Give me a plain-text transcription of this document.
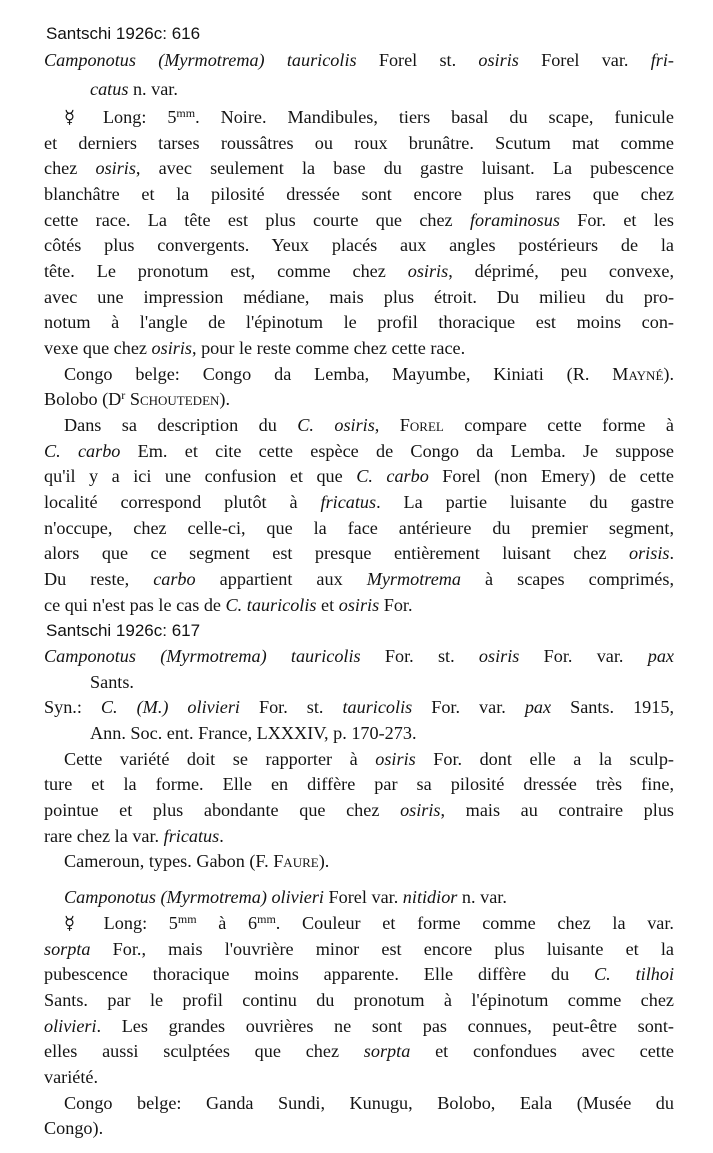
Santschi 1926c: 616
Camponotus (Myrmotrema) tauricolis Forel st. osiris Forel var. fri-
catus n. var.
☿ Long: $5^{mm}$. Noire. Mandibules, tiers basal du scape, funicule
et derniers tarses roussâtres ou roux brunâtre. Scutum mat comme
chez osiris, avec seulement la base du gastre luisant. La pubescence
blanchâtre et la pilosité dressée sont encore plus rares que chez
cette race. La tête est plus courte que chez foraminosus For. et les
côtés plus convergents. Yeux placés aux angles postérieurs de la
tête. Le pronotum est, comme chez osiris, déprimé, peu convexe,
avec une impression médiane, mais plus étroit. Du milieu du pro-
notum à l'angle de l'épinotum le profil thoracique est moins con-
vexe que chez osiris, pour le reste comme chez cette race.
Congo belge: Congo da Lemba, Mayumbe, Kiniati (R. Mayné).
Bolobo ($D^r$ Schouteden).
Dans sa description du C. osiris, Forel compare cette forme à
C. carbo Em. et cite cette espèce de Congo da Lemba. Je suppose
qu'il y a ici une confusion et que C. carbo Forel (non Emery) de cette
localité correspond plutôt à fricatus. La partie luisante du gastre
n'occupe, chez celle-ci, que la face antérieure du premier segment,
alors que ce segment est presque entièrement luisant chez orisis.
Du reste, carbo appartient aux Myrmotrema à scapes comprimés,
ce qui n'est pas le cas de C. tauricolis et osiris For.
Santschi 1926c: 617
Camponotus (Myrmotrema) tauricolis For. st. osiris For. var. pax
Sants.
Syn.: C. (M.) olivieri For. st. tauricolis For. var. pax Sants. 1915,
Ann. Soc. ent. France, LXXXIV, p. 170-273.
Cette variété doit se rapporter à osiris For. dont elle a la sculp-
ture et la forme. Elle en diffère par sa pilosité dressée très fine,
pointue et plus abondante que chez osiris, mais au contraire plus
rare chez la var. fricatus.
Cameroun, types. Gabon (F. Faure).
Camponotus (Myrmotrema) olivieri Forel var. nitidior n. var.
☿ Long: $5^{mm}$ à $6^{mm}$. Couleur et forme comme chez la var.
sorpta For., mais l'ouvrière minor est encore plus luisante et la
pubescence thoracique moins apparente. Elle diffère du C. tilhoi
Sants. par le profil continu du pronotum à l'épinotum comme chez
olivieri. Les grandes ouvrières ne sont pas connues, peut-être sont-
elles aussi sculptées que chez sorpta et confondues avec cette
variété.
Congo belge: Ganda Sundi, Kunugu, Bolobo, Eala (Musée du
Congo).
